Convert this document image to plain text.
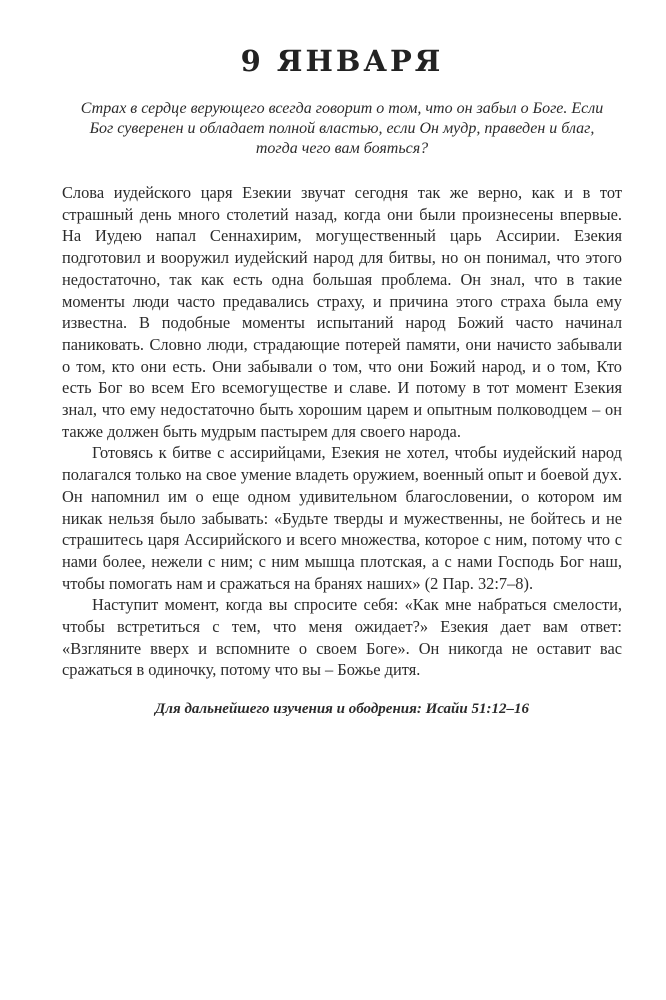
9 ЯНВАРЯ
Страх в сердце верующего всегда говорит о том, что он забыл о Боге. Если Бог суверенен и обладает полной властью, если Он мудр, праведен и благ, тогда чего вам бояться?

Слова иудейского царя Езекии звучат сегодня так же верно, как и в тот страшный день много столетий назад, когда они были произнесены впервые. На Иудею напал Сеннахирим, могущественный царь Ассирии. Езекия подготовил и вооружил иудейский народ для битвы, но он понимал, что этого недостаточно, так как есть одна большая проблема. Он знал, что в такие моменты люди часто предавались страху, и причина этого страха была ему известна. В подобные моменты испытаний народ Божий часто начинал паниковать. Словно люди, страдающие потерей памяти, они начисто забывали о том, кто они есть. Они забывали о том, что они Божий народ, и о том, Кто есть Бог во всем Его всемогуществе и славе. И потому в тот момент Езекия знал, что ему недостаточно быть хорошим царем и опытным полководцем – он также должен быть мудрым пастырем для своего народа.

Готовясь к битве с ассирийцами, Езекия не хотел, чтобы иудейский народ полагался только на свое умение владеть оружием, военный опыт и боевой дух. Он напомнил им о еще одном удивительном благословении, о котором им никак нельзя было забывать: «Будьте тверды и мужественны, не бойтесь и не страшитесь царя Ассирийского и всего множества, которое с ним, потому что с нами более, нежели с ним; с ним мышца плотская, а с нами Господь Бог наш, чтобы помогать нам и сражаться на бранях наших» (2 Пар. 32:7–8).

Наступит момент, когда вы спросите себя: «Как мне набраться смелости, чтобы встретиться с тем, что меня ожидает?» Езекия дает вам ответ: «Взгляните вверх и вспомните о своем Боге». Он никогда не оставит вас сражаться в одиночку, потому что вы – Божье дитя.

Для дальнейшего изучения и ободрения: Исайи 51:12–16
